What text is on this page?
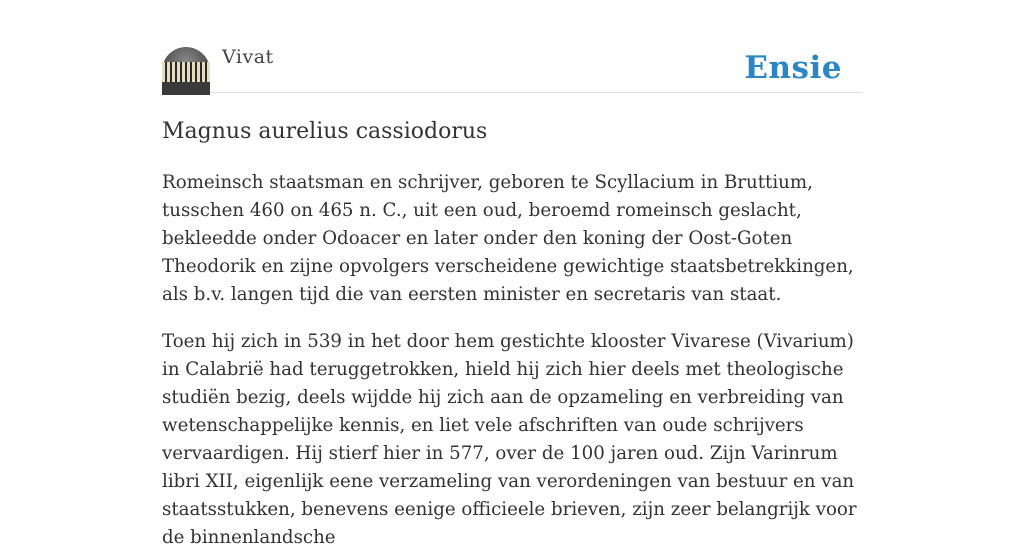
Vivat	Ensie
Magnus aurelius cassiodorus

Romeinsch staatsman en schrijver, geboren te Scyllacium in Bruttium, tusschen 460 on 465 n. C., uit een oud, beroemd romeinsch geslacht, bekleedde onder Odoacer en later onder den koning der Oost-Goten Theodorik en zijne opvolgers verscheidene gewichtige staatsbetrekkingen, als b.v. langen tijd die van eersten minister en secretaris van staat.

Toen hij zich in 539 in het door hem gestichte klooster Vivarese (Vivarium) in Calabrië had teruggetrokken, hield hij zich hier deels met theologische studiën bezig, deels wijdde hij zich aan de opzameling en verbreiding van wetenschappelijke kennis, en liet vele afschriften van oude schrijvers vervaardigen. Hij stierf hier in 577, over de 100 jaren oud. Zijn Varinrum libri XII, eigenlijk eene verzameling van verordeningen van bestuur en van staatsstukken, benevens eenige officieele brieven, zijn zeer belangrijk voor de binnenlandsche
